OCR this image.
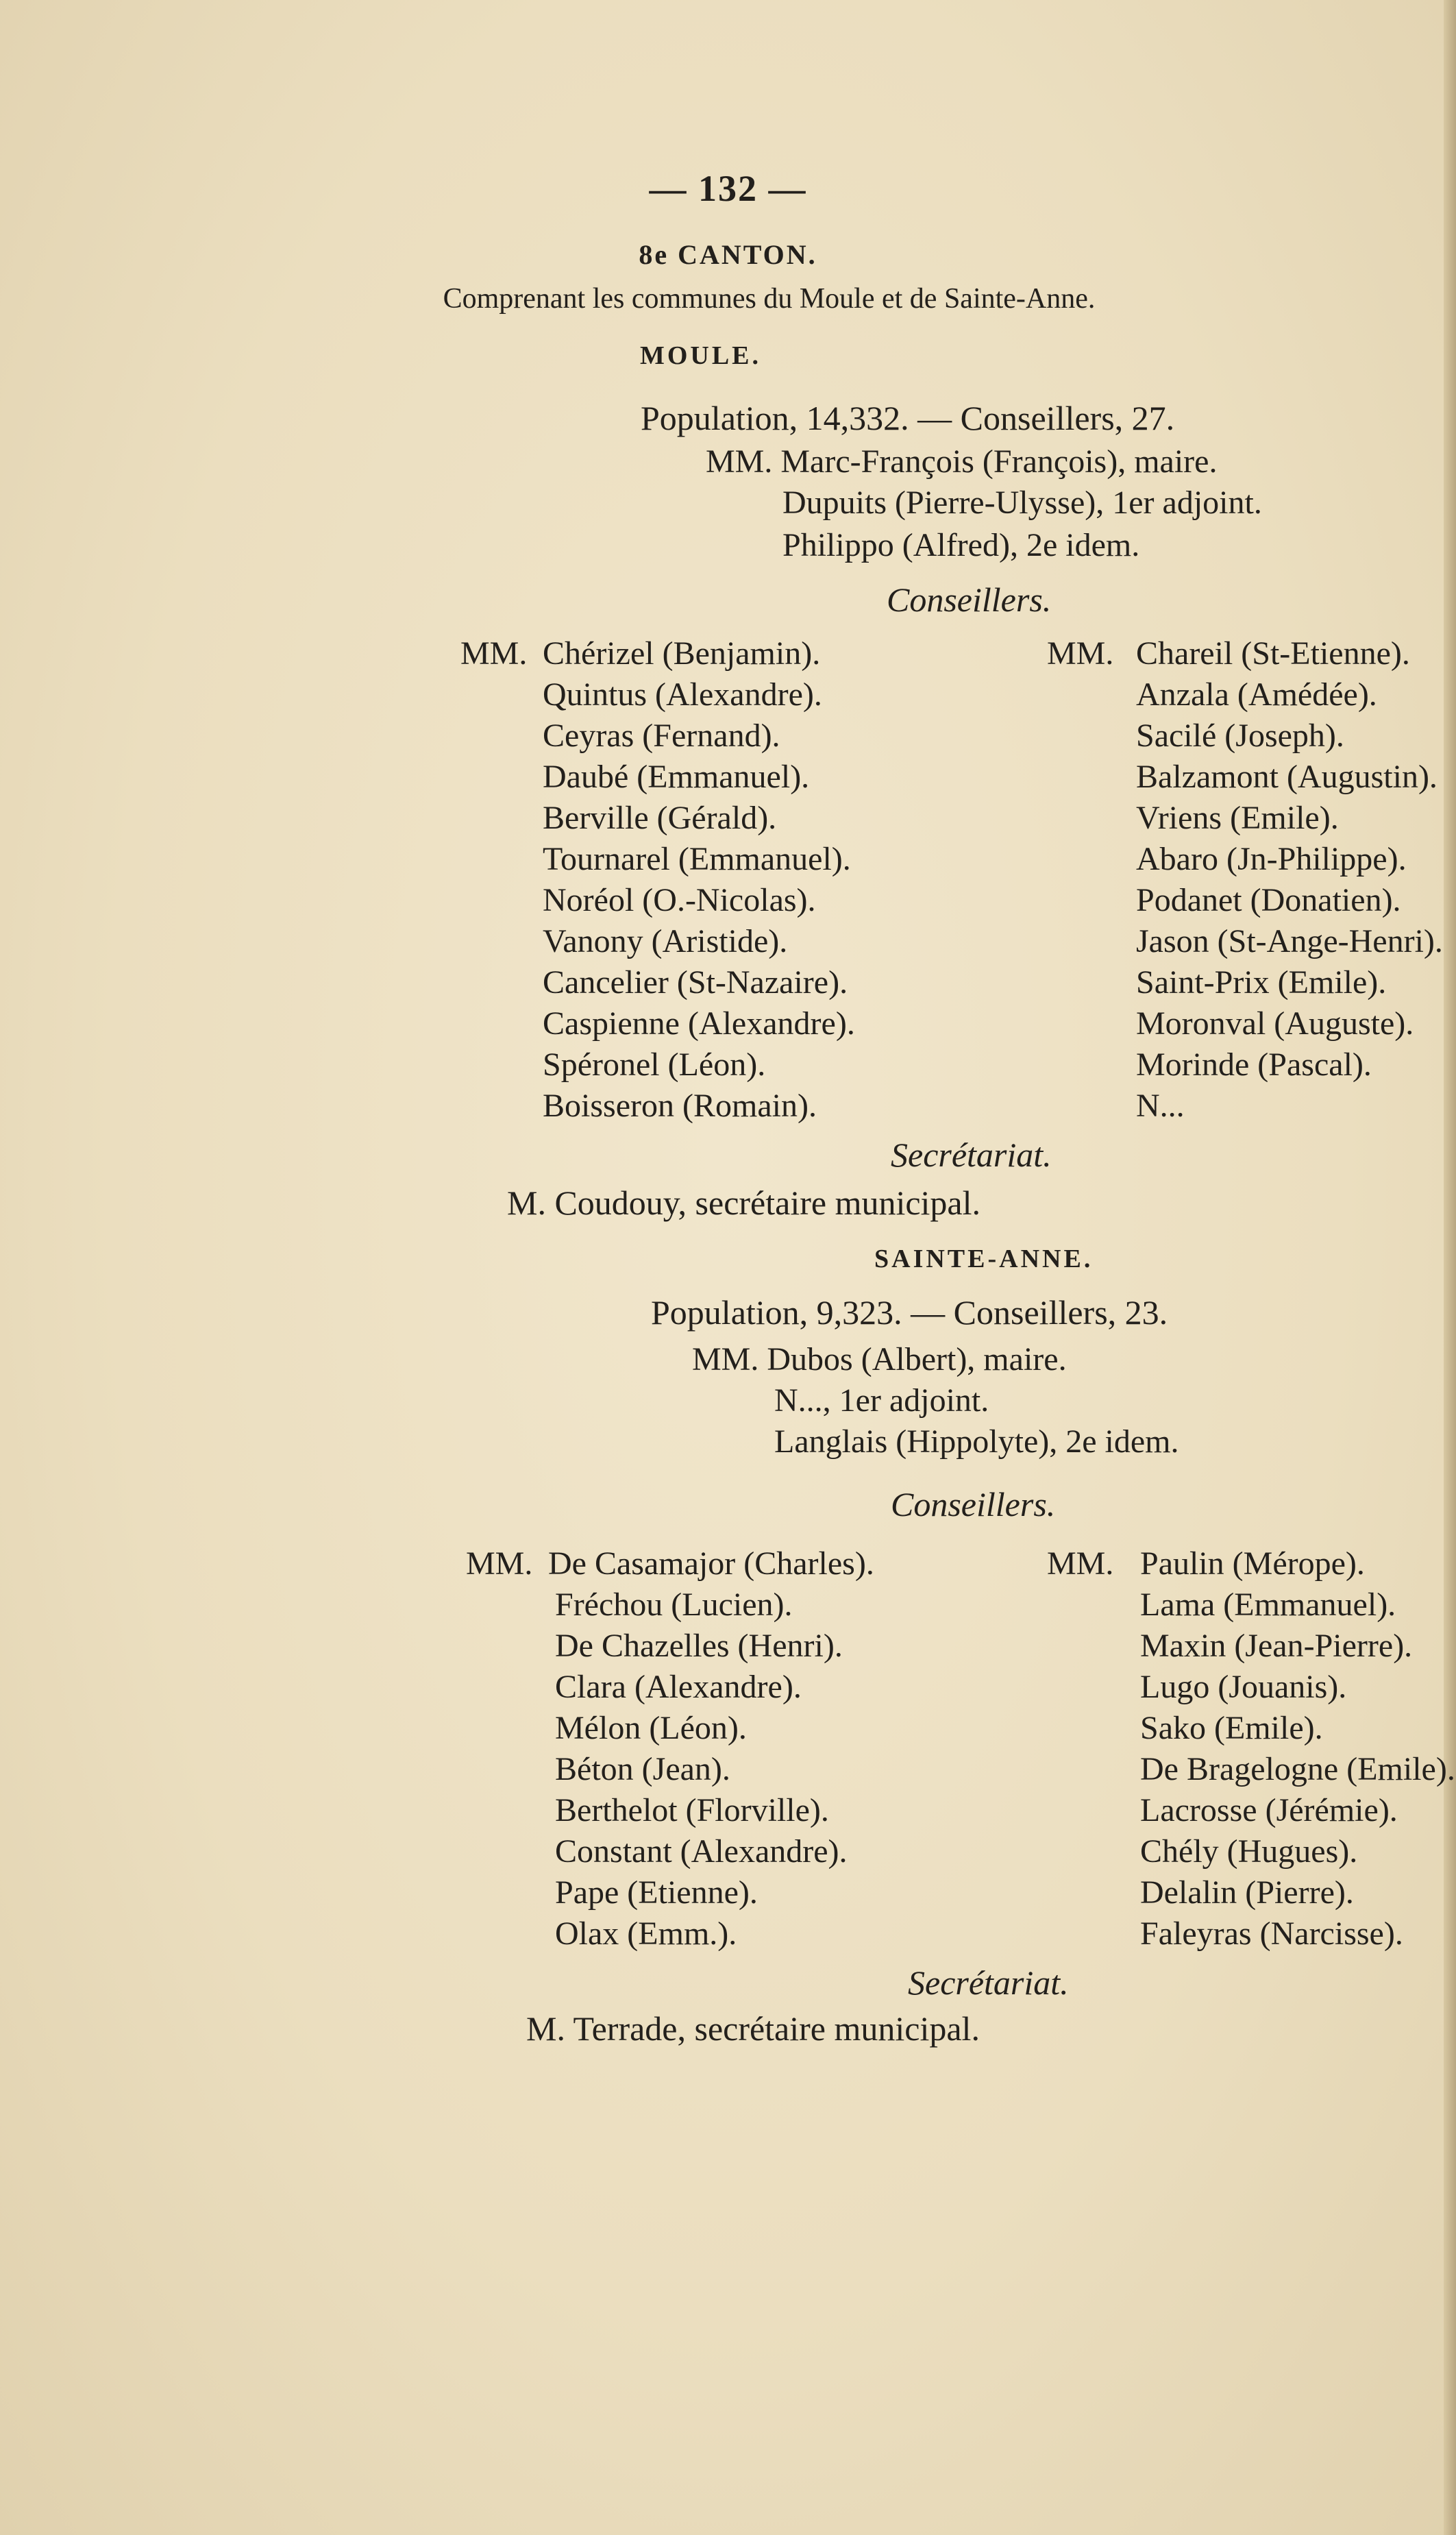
— 132 —
8e CANTON.
Comprenant les communes du Moule et de Sainte-Anne.
MOULE.
Population, 14,332. — Conseillers, 27.
MM. Marc-François (François), maire.
Dupuits (Pierre-Ulysse), 1er adjoint.
Philippo (Alfred), 2e idem.
Conseillers.
MM.	MM.
Chérizel (Benjamin).
Quintus (Alexandre).
Ceyras (Fernand).
Daubé (Emmanuel).
Berville (Gérald).
Tournarel (Emmanuel).
Noréol (O.-Nicolas).
Vanony (Aristide).
Cancelier (St-Nazaire).
Caspienne (Alexandre).
Spéronel (Léon).
Boisseron (Romain).
Chareil (St-Etienne).
Anzala (Amédée).
Sacilé (Joseph).
Balzamont (Augustin).
Vriens (Emile).
Abaro (Jn-Philippe).
Podanet (Donatien).
Jason (St-Ange-Henri).
Saint-Prix (Emile).
Moronval (Auguste).
Morinde (Pascal).
N...
Secrétariat.
M. Coudouy, secrétaire municipal.
SAINTE-ANNE.
Population, 9,323. — Conseillers, 23.
MM. Dubos (Albert), maire.
N..., 1er adjoint.
Langlais (Hippolyte), 2e idem.
Conseillers.
MM.	MM.
De Casamajor (Charles).
Fréchou (Lucien).
De Chazelles (Henri).
Clara (Alexandre).
Mélon (Léon).
Béton (Jean).
Berthelot (Florville).
Constant (Alexandre).
Pape (Etienne).
Olax (Emm.).
Paulin (Mérope).
Lama (Emmanuel).
Maxin (Jean-Pierre).
Lugo (Jouanis).
Sako (Emile).
De Bragelogne (Emile).
Lacrosse (Jérémie).
Chély (Hugues).
Delalin (Pierre).
Faleyras (Narcisse).
Secrétariat.
M. Terrade, secrétaire municipal.
